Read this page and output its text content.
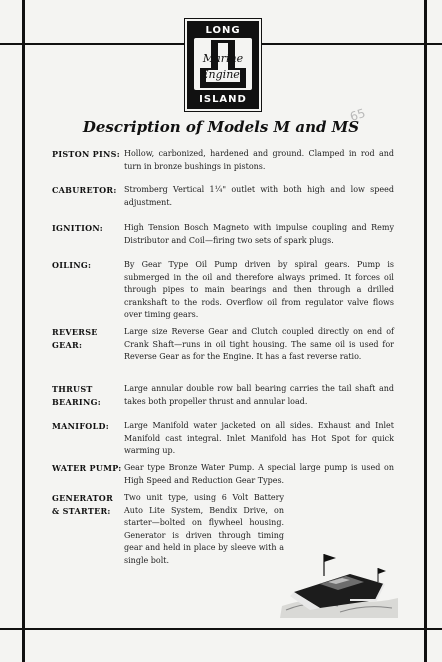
LONG
Marine
Engines
ISLAND
Description of Models M and MS
65
PISTON PINS: Hollow, carbonized, hardened and ground. Clamped in rod and turn in bronze bushings in pistons.
CABURETOR: Stromberg Vertical 1¼" outlet with both high and low speed adjustment.
IGNITION:	High Tension Bosch Magneto with impulse coupling and Remy Distributor and Coil—firing two sets of spark plugs.
OILING:	By Gear Type Oil Pump driven by spiral gears. Pump is submerged in the oil and therefore always primed. It forces oil through pipes to main bearings and then through a drilled crankshaft to the rods. Overflow oil from regulator valve flows over timing gears.
REVERSE GEAR:
Large size Reverse Gear and Clutch coupled directly on end of Crank Shaft—runs in oil tight housing. The same oil is used for Reverse Gear as for the Engine. It has a fast reverse ratio.
THRUST BEARING:
Large annular double row ball bearing carries the tail shaft and takes both propeller thrust and annular load.
MANIFOLD:	Large Manifold water jacketed on all sides. Exhaust and Inlet Manifold cast integral. Inlet Manifold has Hot Spot for quick warming up.
WATER PUMP: Gear type Bronze Water Pump. A special large pump is used on High Speed and Reduction Gear Types.
GENERATOR & STARTER:
Two unit type, using 6 Volt Battery Auto Lite System, Bendix Drive, on starter—bolted on flywheel housing. Generator is driven through timing gear and held in place by sleeve with a single bolt.
